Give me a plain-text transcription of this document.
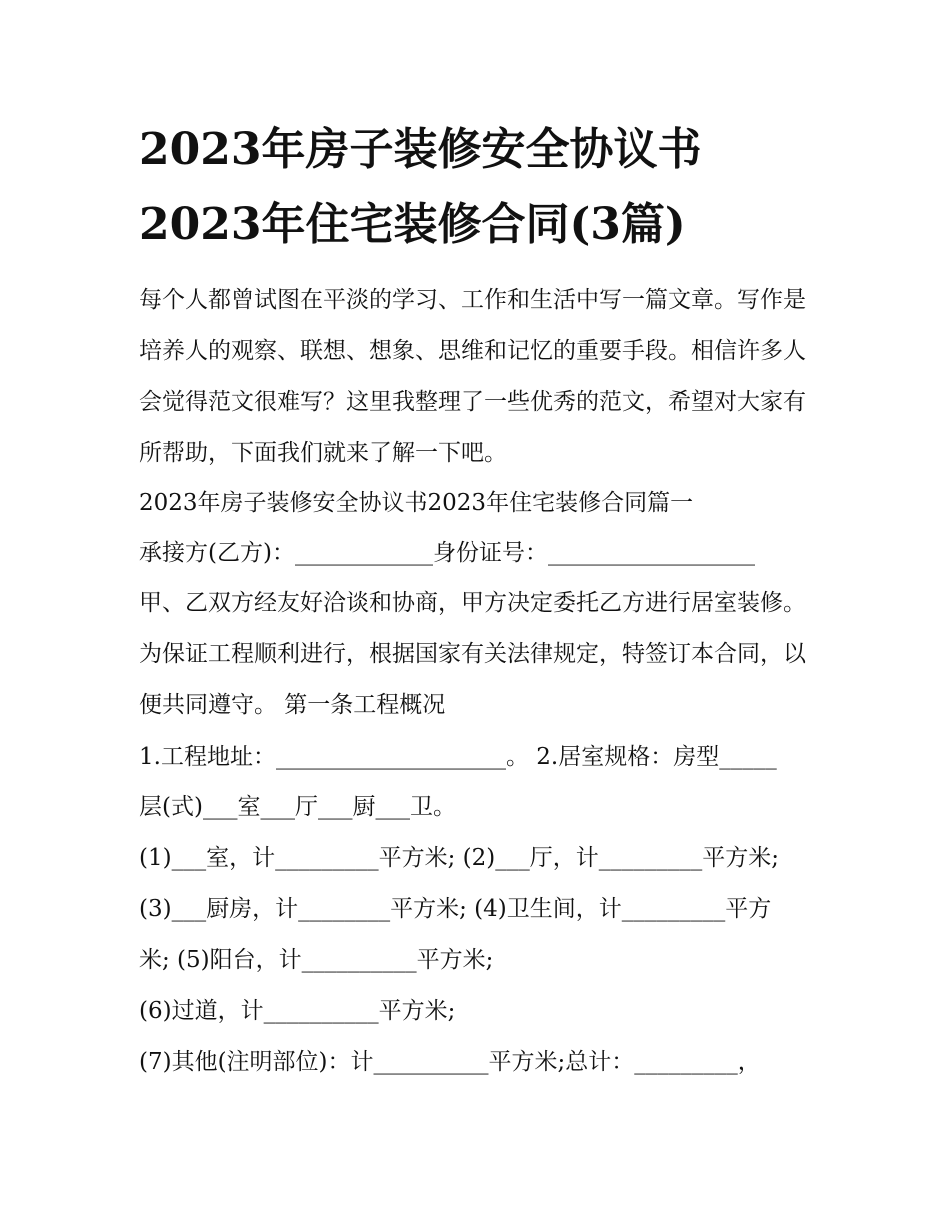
2023年房子装修安全协议书
2023年住宅装修合同(3篇)

每个人都曾试图在平淡的学习、工作和生活中写一篇文章。写作是培养人的观察、联想、想象、思维和记忆的重要手段。相信许多人会觉得范文很难写？这里我整理了一些优秀的范文，希望对大家有所帮助，下面我们就来了解一下吧。

2023年房子装修安全协议书2023年住宅装修合同篇一
承接方(乙方)：____________身份证号：__________________

甲、乙双方经友好洽谈和协商，甲方决定委托乙方进行居室装修。为保证工程顺利进行，根据国家有关法律规定，特签订本合同，以便共同遵守。 第一条工程概况

1.工程地址：____________________。 2.居室规格：房型_____
层(式)___室___厅___厨___卫。
(1)___室，计_________平方米; (2)___厅，计_________平方米;
(3)___厨房，计________平方米; (4)卫生间，计_________平方
米; (5)阳台，计__________平方米;
(6)过道，计__________平方米;
(7)其他(注明部位)：计__________平方米;总计：_________，
